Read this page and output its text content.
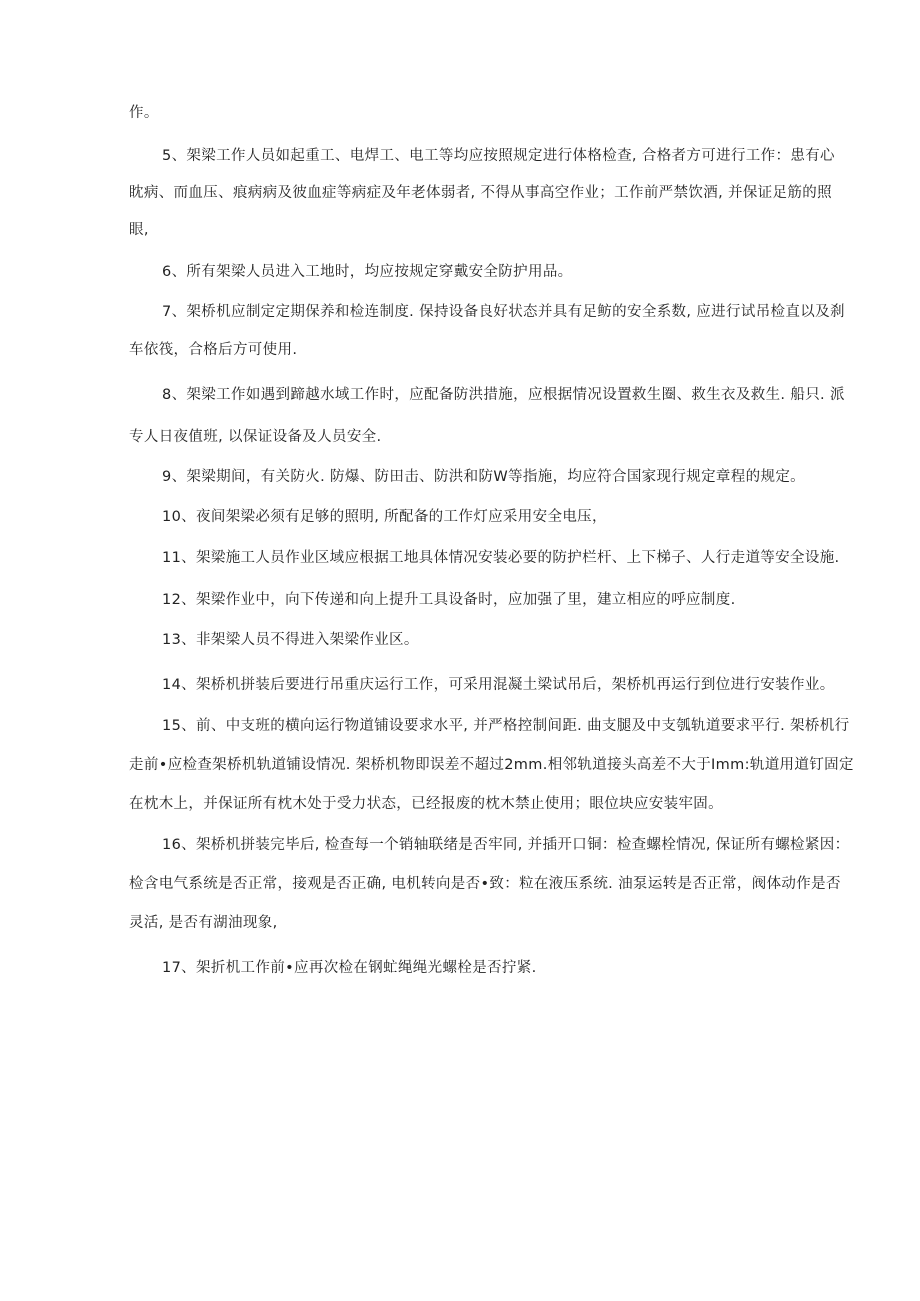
作。
5、架梁工作人员如起重工、电焊工、电工等均应按照规定进行体格检查, 合格者方可进行工作：患有心
眈病、而血压、痕病病及彼血症等病症及年老体弱者, 不得从事高空作业；工作前严禁饮酒, 并保证足筋的照
眼,
6、所有架梁人员进入工地时，均应按规定穿戴安全防护用品。
7、架桥机应制定定期保养和检连制度. 保持设备良好状态并具有足鲂的安全系数, 应进行试吊检直以及刹
车依筏，合格后方可使用.
8、架梁工作如遇到蹄越水域工作时，应配备防洪措施，应根据情况设置救生圈、救生衣及救生. 船只. 派
专人日夜值班, 以保证设备及人员安全.
9、架梁期间，有关防火. 防爆、防田击、防洪和防W等指施，均应符合国家现行规定章程的规定。
10、夜间架梁必须有足够的照明, 所配备的工作灯应采用安全电压，
11、架梁施工人员作业区域应根据工地具体情况安装必要的防护栏杆、上下梯子、人行走道等安全设施.
12、架梁作业中，向下传递和向上提升工具设备时，应加强了里，建立相应的呼应制度.
13、非架梁人员不得进入架梁作业区。
14、架桥机拼装后要进行吊重庆运行工作，可采用混凝土梁试吊后，架桥机再运行到位进行安装作业。
15、前、中支班的横向运行物道铺设要求水平, 并严格控制间距. 曲支腿及中支瓠轨道要求平行. 架桥机行
走前•应检查架桥机轨道铺设情况. 架桥机物即误差不超过2mm.相邻轨道接头高差不大于Imm:轨道用道钉固定
在枕木上，并保证所有枕木处于受力状态，已经报废的枕木禁止使用；眼位块应安装牢固。
16、架桥机拼装完毕后, 检查每一个销轴联绪是否牢同, 并插开口铜：检查螺栓情况, 保证所有螺检紧因：
检含电气系统是否正常，接观是否正确, 电机转向是否•致：粒在液压系统. 油泵运转是否正常，阀体动作是否
灵活, 是否有湖油现象,
17、架折机工作前•应再次检在钢虻绳绳光螺栓是否拧紧.
